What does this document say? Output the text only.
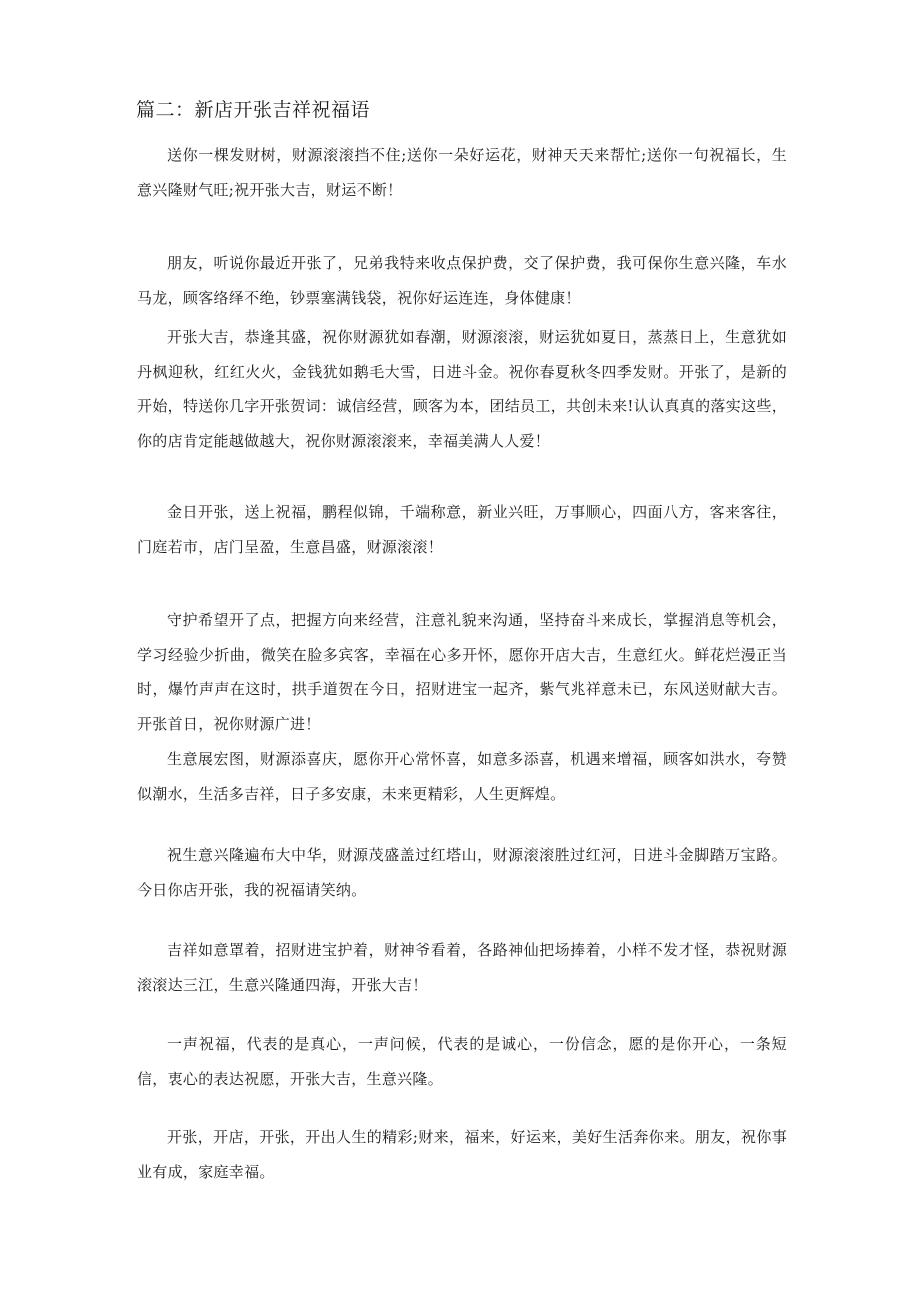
篇二：新店开张吉祥祝福语

送你一棵发财树，财源滚滚挡不住;送你一朵好运花，财神天天来帮忙;送你一句祝福长，生意兴隆财气旺;祝开张大吉，财运不断！

朋友，听说你最近开张了，兄弟我特来收点保护费，交了保护费，我可保你生意兴隆，车水马龙，顾客络绎不绝，钞票塞满钱袋，祝你好运连连，身体健康！

开张大吉，恭逢其盛，祝你财源犹如春潮，财源滚滚，财运犹如夏日，蒸蒸日上，生意犹如丹枫迎秋，红红火火，金钱犹如鹅毛大雪，日进斗金。祝你春夏秋冬四季发财。开张了，是新的开始，特送你几字开张贺词：诚信经营，顾客为本，团结员工，共创未来!认认真真的落实这些，你的店肯定能越做越大，祝你财源滚滚来，幸福美满人人爱！

金日开张，送上祝福，鹏程似锦，千端称意，新业兴旺，万事顺心，四面八方，客来客往，门庭若市，店门呈盈，生意昌盛，财源滚滚！

守护希望开了点，把握方向来经营，注意礼貌来沟通，坚持奋斗来成长，掌握消息等机会，学习经验少折曲，微笑在脸多宾客，幸福在心多开怀，愿你开店大吉，生意红火。鲜花烂漫正当时，爆竹声声在这时，拱手道贺在今日，招财进宝一起齐，紫气兆祥意未已，东风送财献大吉。开张首日，祝你财源广进！

生意展宏图，财源添喜庆，愿你开心常怀喜，如意多添喜，机遇来增福，顾客如洪水，夸赞似潮水，生活多吉祥，日子多安康，未来更精彩，人生更辉煌。

祝生意兴隆遍布大中华，财源茂盛盖过红塔山，财源滚滚胜过红河，日进斗金脚踏万宝路。今日你店开张，我的祝福请笑纳。

吉祥如意罩着，招财进宝护着，财神爷看着，各路神仙把场捧着，小样不发才怪，恭祝财源滚滚达三江，生意兴隆通四海，开张大吉！

一声祝福，代表的是真心，一声问候，代表的是诚心，一份信念，愿的是你开心，一条短信，衷心的表达祝愿，开张大吉，生意兴隆。

开张，开店，开张，开出人生的精彩;财来，福来，好运来，美好生活奔你来。朋友，祝你事业有成，家庭幸福。
